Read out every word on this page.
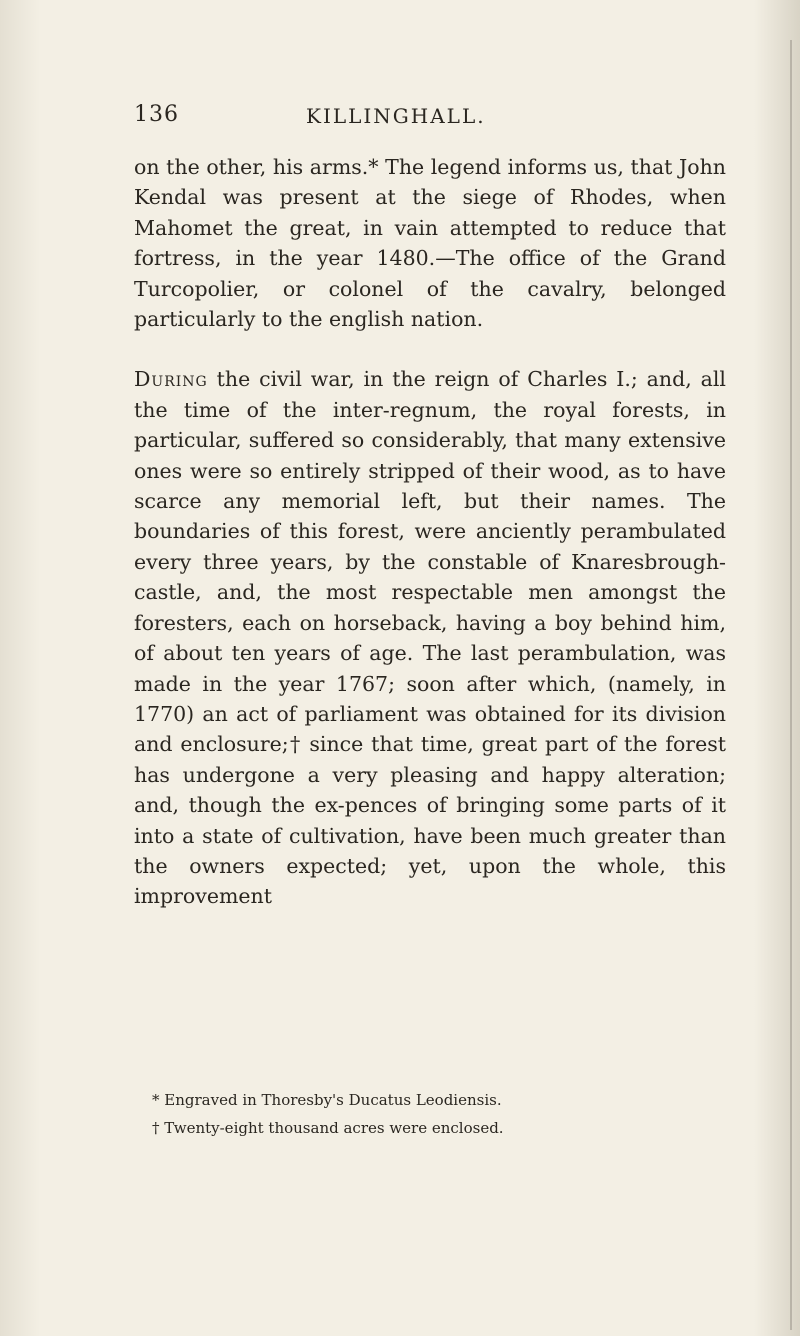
136	KILLINGHALL.

on the other, his arms.* The legend informs us, that John Kendal was present at the siege of Rhodes, when Mahomet the great, in vain attempted to reduce that fortress, in the year 1480.—The office of the Grand Turcopolier, or colonel of the cavalry, belonged particularly to the english nation.

During the civil war, in the reign of Charles I.; and, all the time of the inter-regnum, the royal forests, in particular, suffered so considerably, that many extensive ones were so entirely stripped of their wood, as to have scarce any memorial left, but their names. The boundaries of this forest, were anciently perambulated every three years, by the constable of Knaresbrough-castle, and, the most respectable men amongst the foresters, each on horseback, having a boy behind him, of about ten years of age. The last perambulation, was made in the year 1767; soon after which, (namely, in 1770) an act of parliament was obtained for its division and enclosure;† since that time, great part of the forest has undergone a very pleasing and happy alteration; and, though the ex-pences of bringing some parts of it into a state of cultivation, have been much greater than the owners expected; yet, upon the whole, this improvement

* Engraved in Thoresby's Ducatus Leodiensis.

† Twenty-eight thousand acres were enclosed.
